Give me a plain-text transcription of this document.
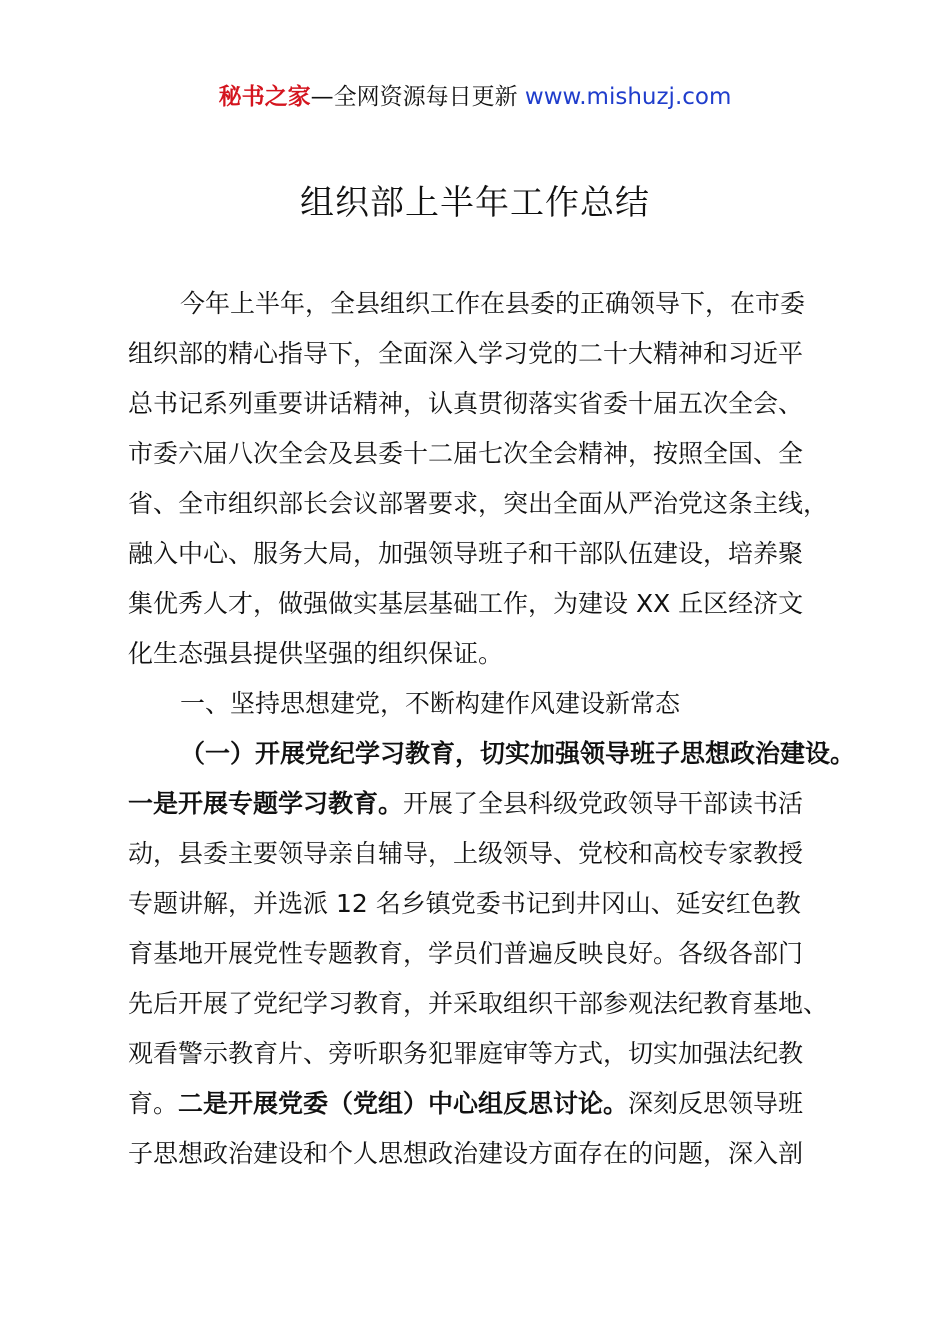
秘书之家—全网资源每日更新 www.mishuzj.com
组织部上半年工作总结
今年上半年，全县组织工作在县委的正确领导下，在市委
组织部的精心指导下，全面深入学习党的二十大精神和习近平
总书记系列重要讲话精神，认真贯彻落实省委十届五次全会、
市委六届八次全会及县委十二届七次全会精神，按照全国、全
省、全市组织部长会议部署要求，突出全面从严治党这条主线，
融入中心、服务大局，加强领导班子和干部队伍建设，培养聚
集优秀人才，做强做实基层基础工作，为建设 XX 丘区经济文
化生态强县提供坚强的组织保证。
一、坚持思想建党，不断构建作风建设新常态
（一）开展党纪学习教育，切实加强领导班子思想政治建设。
一是开展专题学习教育。开展了全县科级党政领导干部读书活
动，县委主要领导亲自辅导，上级领导、党校和高校专家教授
专题讲解，并选派 12 名乡镇党委书记到井冈山、延安红色教
育基地开展党性专题教育，学员们普遍反映良好。各级各部门
先后开展了党纪学习教育，并采取组织干部参观法纪教育基地、
观看警示教育片、旁听职务犯罪庭审等方式，切实加强法纪教
育。二是开展党委（党组）中心组反思讨论。深刻反思领导班
子思想政治建设和个人思想政治建设方面存在的问题，深入剖
